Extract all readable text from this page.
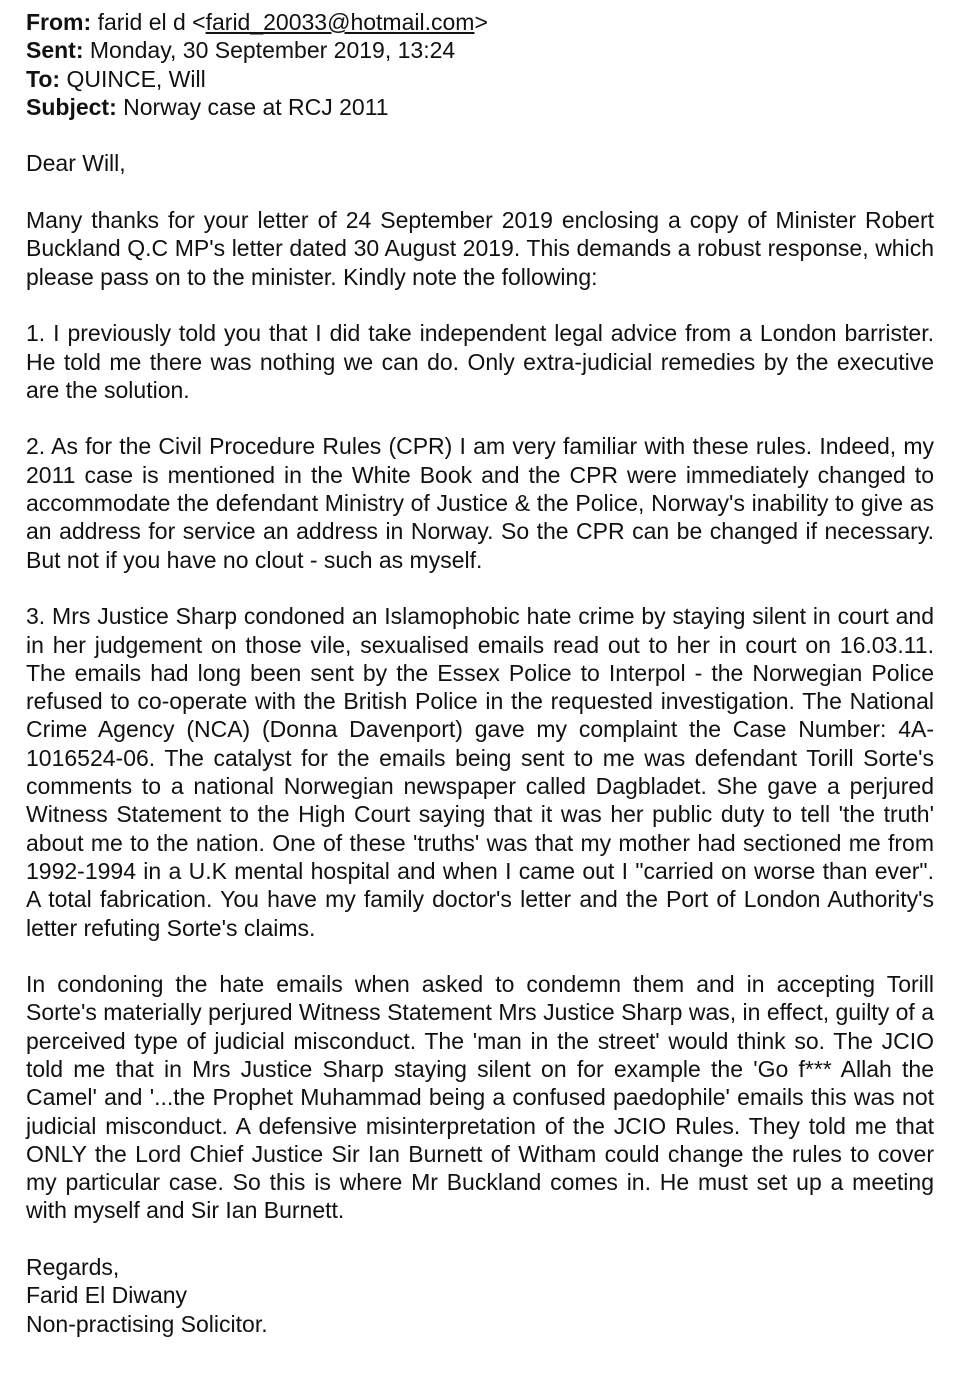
From: farid el d <farid_20033@hotmail.com>
Sent: Monday, 30 September 2019, 13:24
To: QUINCE, Will
Subject: Norway case at RCJ 2011

Dear Will,

Many thanks for your letter of 24 September 2019 enclosing a copy of Minister Robert Buckland Q.C MP's letter dated 30 August 2019. This demands a robust response, which please pass on to the minister. Kindly note the following:

1. I previously told you that I did take independent legal advice from a London barrister. He told me there was nothing we can do. Only extra-judicial remedies by the executive are the solution.

2. As for the Civil Procedure Rules (CPR) I am very familiar with these rules. Indeed, my 2011 case is mentioned in the White Book and the CPR were immediately changed to accommodate the defendant Ministry of Justice & the Police, Norway's inability to give as an address for service an address in Norway. So the CPR can be changed if necessary. But not if you have no clout - such as myself.

3. Mrs Justice Sharp condoned an Islamophobic hate crime by staying silent in court and in her judgement on those vile, sexualised emails read out to her in court on 16.03.11. The emails had long been sent by the Essex Police to Interpol - the Norwegian Police refused to co-operate with the British Police in the requested investigation. The National Crime Agency (NCA) (Donna Davenport) gave my complaint the Case Number: 4A-1016524-06. The catalyst for the emails being sent to me was defendant Torill Sorte's comments to a national Norwegian newspaper called Dagbladet. She gave a perjured Witness Statement to the High Court saying that it was her public duty to tell 'the truth' about me to the nation. One of these 'truths' was that my mother had sectioned me from 1992-1994 in a U.K mental hospital and when I came out I "carried on worse than ever". A total fabrication. You have my family doctor's letter and the Port of London Authority's letter refuting Sorte's claims.

In condoning the hate emails when asked to condemn them and in accepting Torill Sorte's materially perjured Witness Statement Mrs Justice Sharp was, in effect, guilty of a perceived type of judicial misconduct. The 'man in the street' would think so. The JCIO told me that in Mrs Justice Sharp staying silent on for example the 'Go f*** Allah the Camel' and '...the Prophet Muhammad being a confused paedophile' emails this was not judicial misconduct. A defensive misinterpretation of the JCIO Rules. They told me that ONLY the Lord Chief Justice Sir Ian Burnett of Witham could change the rules to cover my particular case. So this is where Mr Buckland comes in. He must set up a meeting with myself and Sir Ian Burnett.

Regards,
Farid El Diwany
Non-practising Solicitor.
